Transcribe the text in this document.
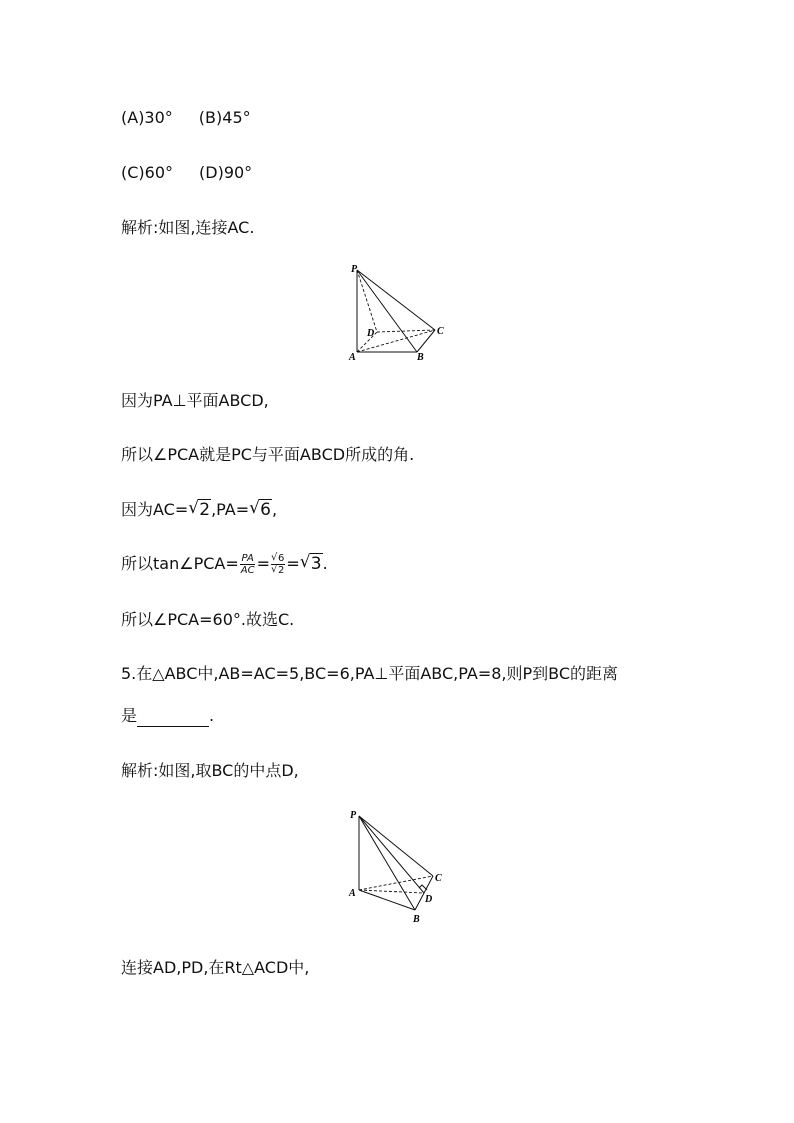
(A)30° (B)45°
(C)60° (D)90°
解析:如图,连接AC.
P
D	C
A	B
因为PA⊥平面ABCD,
所以∠PCA就是PC与平面ABCD所成的角.
因为AC= √ 2,PA= √ 6,
所以tan∠PCA= $\frac{PA}{AC}$ = √ 6
√ 2 = √ 3.
所以∠PCA=60°.故选C.
5.在△ABC中,AB=AC=5,BC=6,PA⊥平面ABC,PA=8,则P到BC的距离
是	.
解析:如图,取BC的中点D,
P
C
A
D
B
连接AD,PD,在Rt△ACD中,
